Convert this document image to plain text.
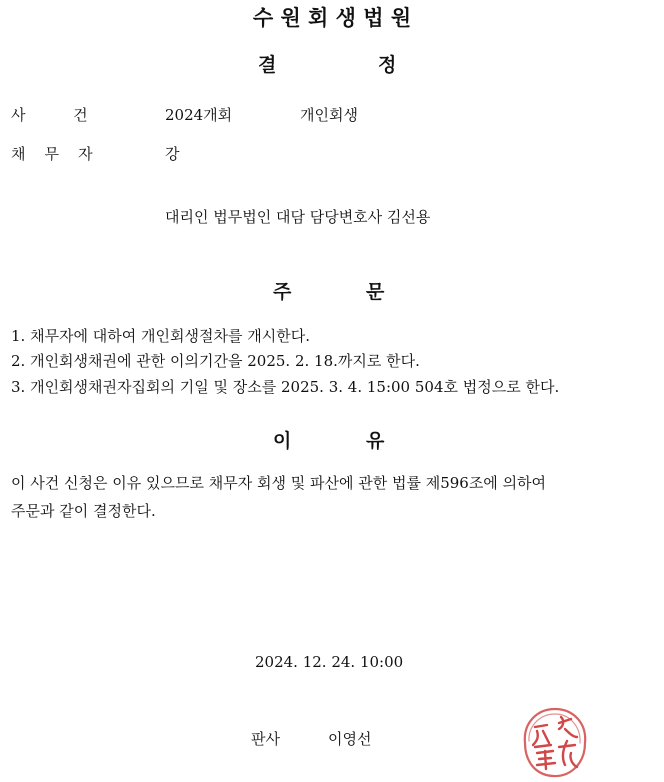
수 원 회 생 법 원
결	정
사          건	2024개회	개인회생
채    무    자	강
대리인 법무법인 대담 담당변호사 김선용
주	문
1. 채무자에 대하여 개인회생절차를 개시한다.
2. 개인회생채권에 관한 이의기간을 2025. 2. 18.까지로 한다.
3. 개인회생채권자집회의 기일 및 장소를 2025. 3. 4. 15:00 504호 법정으로 한다.
이	유
이 사건 신청은 이유 있으므로 채무자 회생 및 파산에 관한 법률 제596조에 의하여
주문과 같이 결정한다.
2024. 12. 24. 10:00
판사	이영선
